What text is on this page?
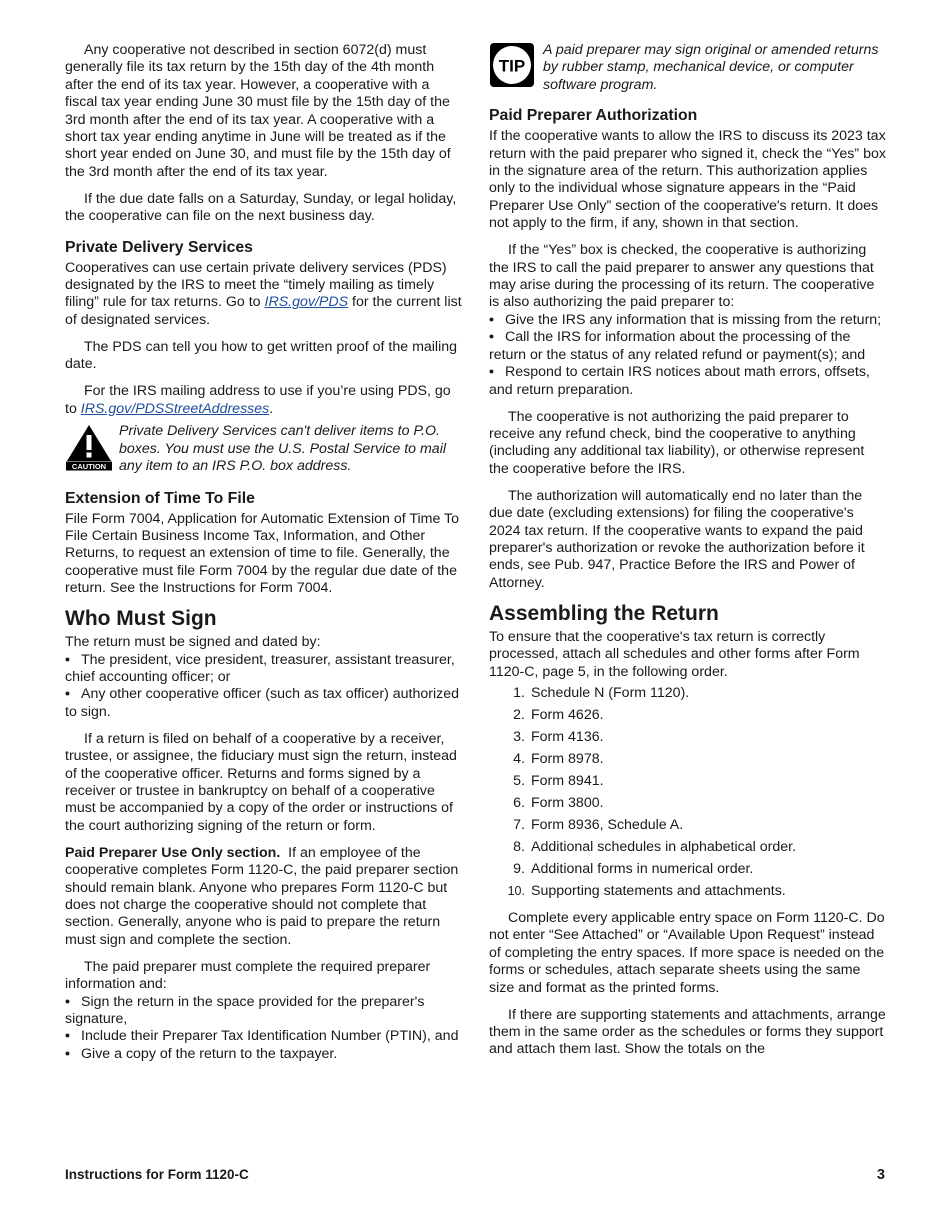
Any cooperative not described in section 6072(d) must generally file its tax return by the 15th day of the 4th month after the end of its tax year. However, a cooperative with a fiscal tax year ending June 30 must file by the 15th day of the 3rd month after the end of its tax year. A cooperative with a short tax year ending anytime in June will be treated as if the short year ended on June 30, and must file by the 15th day of the 3rd month after the end of its tax year.

If the due date falls on a Saturday, Sunday, or legal holiday, the cooperative can file on the next business day.

Private Delivery Services

Cooperatives can use certain private delivery services (PDS) designated by the IRS to meet the “timely mailing as timely filing” rule for tax returns. Go to IRS.gov/PDS for the current list of designated services.

The PDS can tell you how to get written proof of the mailing date.

For the IRS mailing address to use if you’re using PDS, go to IRS.gov/PDSStreetAddresses.

CAUTION
Private Delivery Services can't deliver items to P.O. boxes. You must use the U.S. Postal Service to mail any item to an IRS P.O. box address.
Extension of Time To File

File Form 7004, Application for Automatic Extension of Time To File Certain Business Income Tax, Information, and Other Returns, to request an extension of time to file. Generally, the cooperative must file Form 7004 by the regular due date of the return. See the Instructions for Form 7004.

Who Must Sign
The return must be signed and dated by:
• The president, vice president, treasurer, assistant treasurer, chief accounting officer; or
• Any other cooperative officer (such as tax officer) authorized to sign.

If a return is filed on behalf of a cooperative by a receiver, trustee, or assignee, the fiduciary must sign the return, instead of the cooperative officer. Returns and forms signed by a receiver or trustee in bankruptcy on behalf of a cooperative must be accompanied by a copy of the order or instructions of the court authorizing signing of the return or form.

Paid Preparer Use Only section. If an employee of the cooperative completes Form 1120-C, the paid preparer section should remain blank. Anyone who prepares Form 1120-C but does not charge the cooperative should not complete that section. Generally, anyone who is paid to prepare the return must sign and complete the section.

The paid preparer must complete the required preparer information and:

• Sign the return in the space provided for the preparer's signature,
• Include their Preparer Tax Identification Number (PTIN), and
• Give a copy of the return to the taxpayer.
TIP
A paid preparer may sign original or amended returns by rubber stamp, mechanical device, or computer software program.
Paid Preparer Authorization

If the cooperative wants to allow the IRS to discuss its 2023 tax return with the paid preparer who signed it, check the “Yes” box in the signature area of the return. This authorization applies only to the individual whose signature appears in the “Paid Preparer Use Only” section of the cooperative's return. It does not apply to the firm, if any, shown in that section.

If the “Yes” box is checked, the cooperative is authorizing the IRS to call the paid preparer to answer any questions that may arise during the processing of its return. The cooperative is also authorizing the paid preparer to:

• Give the IRS any information that is missing from the return;
• Call the IRS for information about the processing of the return or the status of any related refund or payment(s); and
• Respond to certain IRS notices about math errors, offsets, and return preparation.

The cooperative is not authorizing the paid preparer to receive any refund check, bind the cooperative to anything (including any additional tax liability), or otherwise represent the cooperative before the IRS.

The authorization will automatically end no later than the due date (excluding extensions) for filing the cooperative's 2024 tax return. If the cooperative wants to expand the paid preparer's authorization or revoke the authorization before it ends, see Pub. 947, Practice Before the IRS and Power of Attorney.

Assembling the Return

To ensure that the cooperative's tax return is correctly processed, attach all schedules and other forms after Form 1120-C, page 5, in the following order.

1. Schedule N (Form 1120).
2. Form 4626.
3. Form 4136.
4. Form 8978.
5. Form 8941.
6. Form 3800.
7. Form 8936, Schedule A.
8. Additional schedules in alphabetical order.
9. Additional forms in numerical order.
10. Supporting statements and attachments.

Complete every applicable entry space on Form 1120-C. Do not enter “See Attached” or “Available Upon Request” instead of completing the entry spaces. If more space is needed on the forms or schedules, attach separate sheets using the same size and format as the printed forms.

If there are supporting statements and attachments, arrange them in the same order as the schedules or forms they support and attach them last. Show the totals on the

Instructions for Form 1120-C	3
